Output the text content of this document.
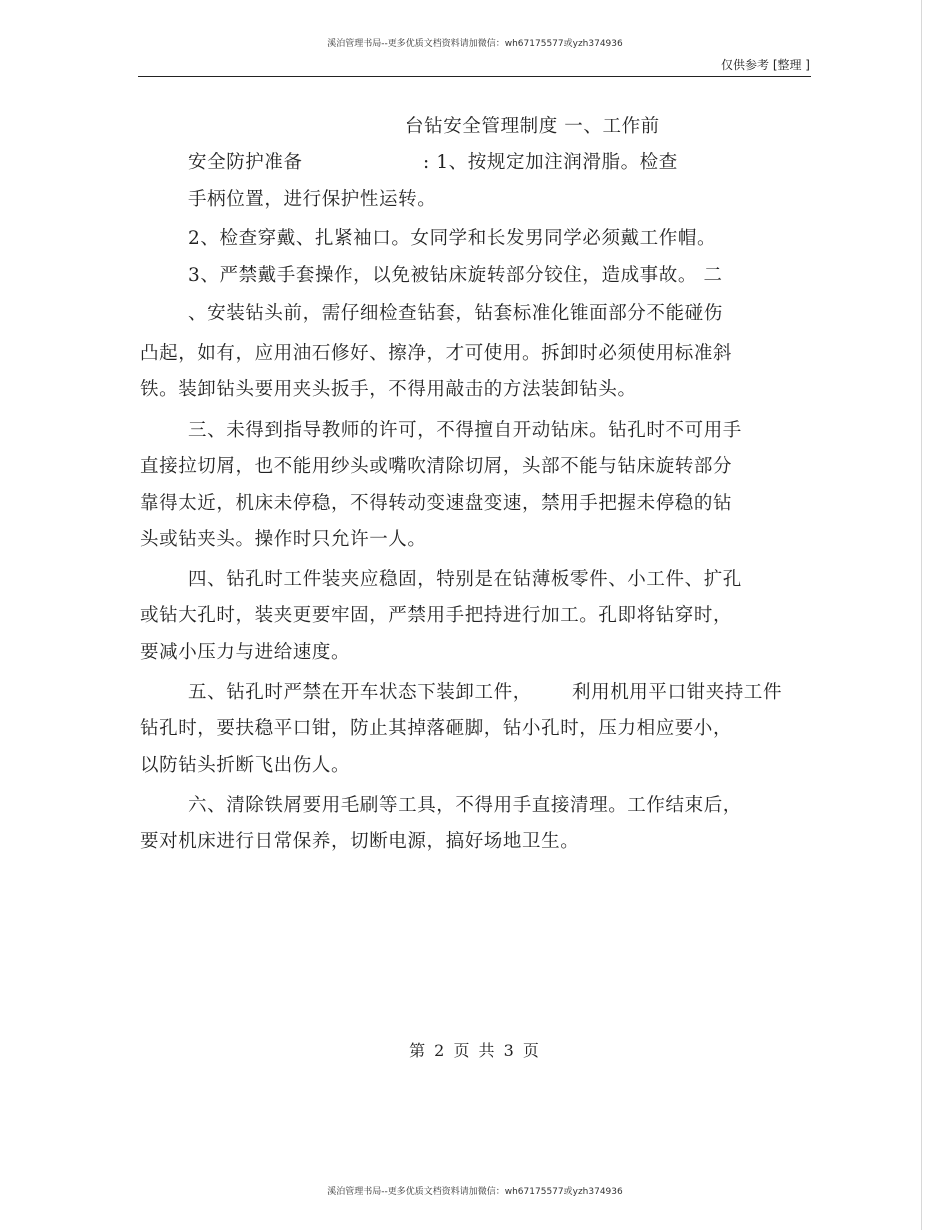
溪泊管理书局--更多优质文档资料请加微信：wh67175577或yzh374936
仅供参考 [整理 ]
台钻安全管理制度 一、工作前
安全防护准备	: 1、按规定加注润滑脂。检查
手柄位置，进行保护性运转。
2、检查穿戴、扎紧袖口。女同学和长发男同学必须戴工作帽。
3、严禁戴手套操作，以免被钻床旋转部分铰住，造成事故。 二
、安装钻头前，需仔细检查钻套，钻套标准化锥面部分不能碰伤
凸起，如有，应用油石修好、擦净，才可使用。拆卸时必须使用标准斜
铁。装卸钻头要用夹头扳手，不得用敲击的方法装卸钻头。
三、未得到指导教师的许可，不得擅自开动钻床。钻孔时不可用手
直接拉切屑，也不能用纱头或嘴吹清除切屑，头部不能与钻床旋转部分
靠得太近，机床未停稳，不得转动变速盘变速，禁用手把握未停稳的钻
头或钻夹头。操作时只允许一人。
四、钻孔时工件装夹应稳固，特别是在钻薄板零件、小工件、扩孔
或钻大孔时，装夹更要牢固，严禁用手把持进行加工。孔即将钻穿时，
要减小压力与进给速度。
五、钻孔时严禁在开车状态下装卸工件， 利用机用平口钳夹持工件
钻孔时，要扶稳平口钳，防止其掉落砸脚，钻小孔时，压力相应要小，
以防钻头折断飞出伤人。
六、清除铁屑要用毛刷等工具，不得用手直接清理。工作结束后，
要对机床进行日常保养，切断电源，搞好场地卫生。
第 2 页 共 3 页
溪泊管理书局--更多优质文档资料请加微信：wh67175577或yzh374936
